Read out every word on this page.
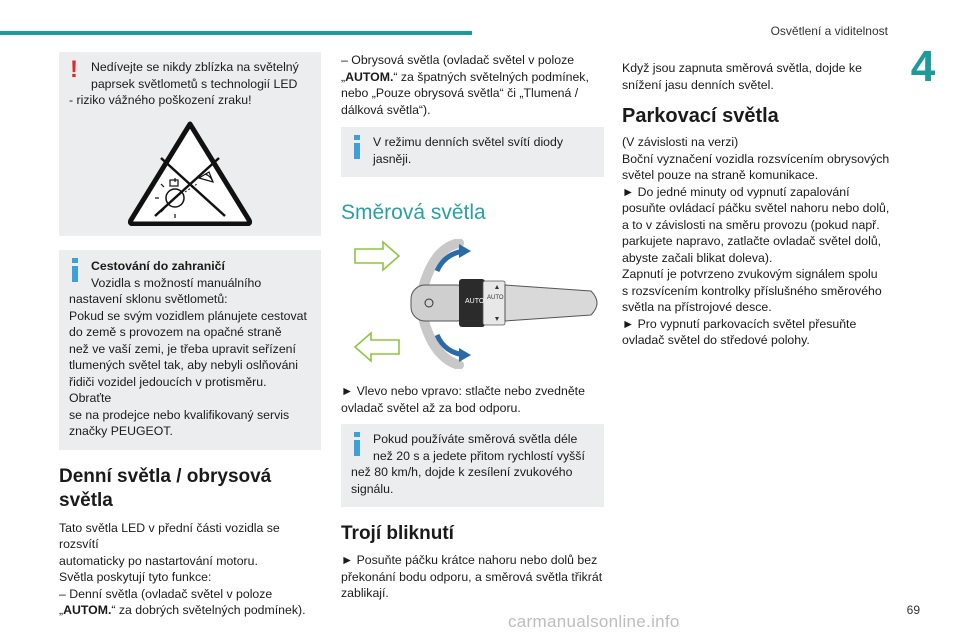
Osvětlení a viditelnost
4
!	Nedívejte se nikdy zblízka na světelný

paprsek světlometů s technologií LED

- riziko vážného poškození zraku!

Cestování do zahraničí

Vozidla s možností manuálního

nastavení sklonu světlometů:

Pokud se svým vozidlem plánujete cestovat

do země s provozem na opačné straně

než ve vaší zemi, je třeba upravit seřízení

tlumených světel tak, aby nebyli oslňováni

řidiči vozidel jedoucích v protisměru. Obraťte

se na prodejce nebo kvalifikovaný servis

značky PEUGEOT.

Denní světla / obrysová
světla

Tato světla LED v přední části vozidla se rozsvítí

automaticky po nastartování motoru.

Světla poskytují tyto funkce:

– Denní světla (ovladač světel v poloze

„AUTOM.“ za dobrých světelných podmínek).

– Obrysová světla (ovladač světel v poloze

„AUTOM.“ za špatných světelných podmínek,

nebo „Pouze obrysová světla“ či „Tlumená /

dálková světla“).

V režimu denních světel svítí diody

jasněji.

Směrová světla
AUTO AUTO

► Vlevo nebo vpravo: stlačte nebo zvedněte

ovladač světel až za bod odporu.

Pokud používáte směrová světla déle

než 20 s a jedete přitom rychlostí vyšší

než 80 km/h, dojde k zesílení zvukového

signálu.

Trojí bliknutí

► Posuňte páčku krátce nahoru nebo dolů bez

překonání bodu odporu, a směrová světla třikrát

zablikají.

Když jsou zapnuta směrová světla, dojde ke

snížení jasu denních světel.

Parkovací světla

(V závislosti na verzi)

Boční vyznačení vozidla rozsvícením obrysových

světel pouze na straně komunikace.

► Do jedné minuty od vypnutí zapalování

posuňte ovládací páčku světel nahoru nebo dolů,

a to v závislosti na směru provozu (pokud např.

parkujete napravo, zatlačte ovladač světel dolů,

abyste začali blikat doleva).

Zapnutí je potvrzeno zvukovým signálem spolu

s rozsvícením kontrolky příslušného směrového

světla na přístrojové desce.

► Pro vypnutí parkovacích světel přesuňte

ovladač světel do středové polohy.

69
carmanualsonline.info
